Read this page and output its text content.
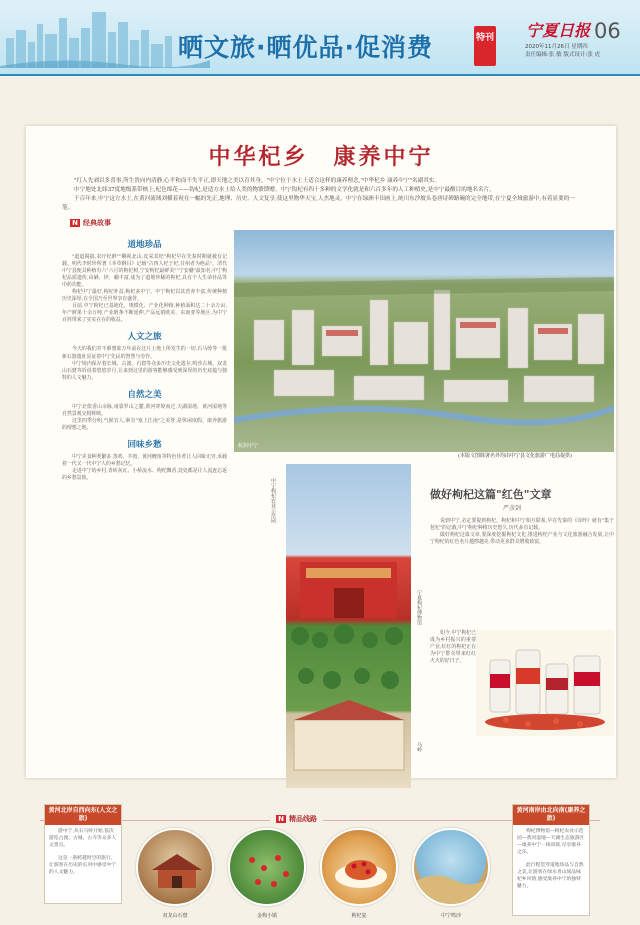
晒文旅·晒优品·促消费	特刊 宁夏日报 06
2020年11月26日 星期四
责任编辑:张 敏 版式设计:张 虎
中华杞乡　康养中宁

"红人先剥以多喜事,所生贵向内清静,心平和而不失平正,即天地之美以育其身。"中宁位于水土土适合这样的康养理念,"中华杞乡 康养中宁"名副其实。

中宁地处北纬37度地级系带核上,杞色绵花——钩杞,是适方水土给人类的物馈馈赠。中宁钩杞有四十多种的文学化就是和六百多年的人工种植史,是中宁最醒目的地名名片。

千百年来,中宁这方水土,在黄河流域刘横着祝在一幅的先正,地理、历史、人文复享,使这里物华天宝,人杰地灵。中宁在绿洲丰田画上,统川东沙坡头卷唐诗碑路碗的完全地带,在宁夏全域旅游中,有着显要的一笔。

N 经典故事
道地珍品

"道道揭搞,农疗杞鲜""聊视北山,皮采其杞"枸杞早在先秦时期就被有记载。明代李时珍所著《本草纲目》记载"古四人杞于杞,甘州者为绝品"。清代中宁县便具种植有六"六月的枸杞树,宁安枸杞最鲜美""宁安硼"最知名,中宁枸杞品质遗传,由硒、锌、硼丰富,成为了道地珍稀的枸杞,具有个人生命补品等中药功能。

枸杞中宁最好,枸杞补益,枸杞多中宁。中宁枸杞以其营养丰富,传统种植历史深厚,在全国乃至世界享有盛誉。

目前,中宁枸杞已基地化、规模化、产业化种植,种植面积达二十余万亩,年产鲜果十余万吨,产业链条不断延伸,产品远销欧美、东南亚等地区,为中宁百姓带来了实实在在的收益。

人文之旅

今天的我们并不难想象万年前在这片土地上所发生的一切,石马岭等一批新石器遗址见证着中宁先民的智慧与劳作。

中宁境内保存着长城、古渡、石窟等众多历史文化遗存,鸣沙古城、双龙山石窟等诉说着悠悠岁月,让来到这里的游客能够感受到深厚的历史底蕴与独特的人文魅力。

自然之美

中宁北依香山余脉,南靠罗山之麓,黄河穿境而过,天湖湿地、黄河湿地等自然景观交相辉映。

这里四季分明,气候宜人,素有"塞上江南"之美誉,是休闲度假、康养旅游的理想之地。

回味乡愁

中宁美食种类繁多,蒸鸡、羊肉、黄河鲤鱼等特色佳肴让人回味无穷,承载着一代又一代中宁人的乡愁记忆。

走进中宁的乡村,青砖灰瓦、小桥流水、枸杞飘香,处处都是让人流连忘返的乡愁景致。

航拍中宁
(本版文图除署名外均由中宁县文化旅游广电局提供)
中宁枸杞农业示范园
宁夏枸杞博物馆
马岭
做好枸杞这篇"红色"文章
严彦剑

说到中宁,必定要提到枸杞。枸杞和中宁相互联系,早在先秦的《诗经》就有"集于苞杞"的记载,中宁枸杞种植历史悠久,历代多有记载。

做好枸杞这篇文章,要深度挖掘枸杞文化,推进枸杞产业与文化旅游融合发展,让中宁枸杞的红色名片越擦越亮,带动更多群众增收致富。

如今,中宁枸杞已成为乡村振兴的重要产业,红红的枸杞正在为中宁群众带来红红火火的好日子。

N 精品线路
黄河北岸自西向东(人文之旅)

游中宁,从石马岭开始,依次游览古渡、古城、古寺等众多人文景点。

这是一条跨越时空的旅行,让游客在历史的长河中感受中宁的人文魅力。

双龙山石窟	金枸小镇	枸杞宴	中宁鸣沙
黄河南岸由北向南(康养之旅)

枸杞博物馆—枸杞农业示范园—黄河湿地—天湖生态旅游区—康养中宁一线串联,尽享康养之乐。

此行程贯穿道地珍品与自然之美,让游客在绿水青山间品味杞乡风情,感受康养中宁的独特魅力。
